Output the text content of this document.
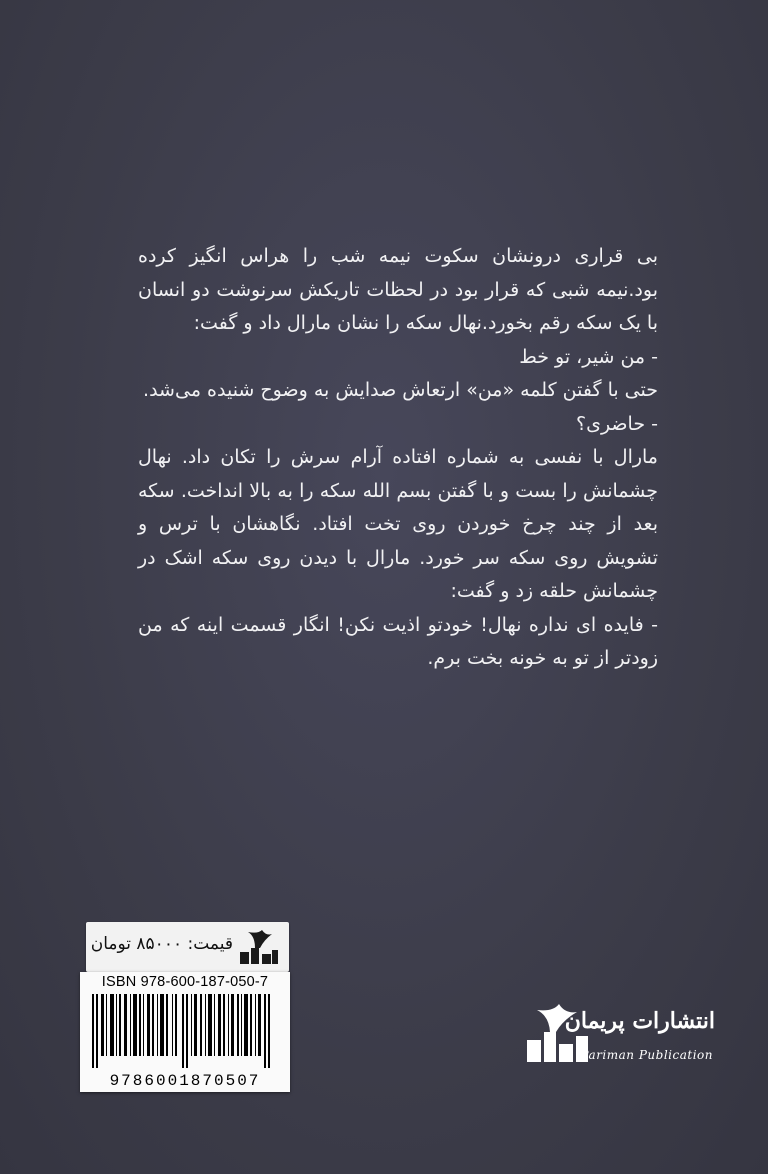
بی قراری درونشان سکوت نیمه شب را هراس انگیز کرده بود.نیمه شبی که قرار بود در لحظات تاریکش سرنوشت دو انسان با یک سکه رقم بخورد.نهال سکه را نشان مارال داد و گفت:

- من شیر، تو خط

حتی با گفتن کلمه «من» ارتعاش صدایش به وضوح شنیده می‌شد.

- حاضری؟

مارال با نفسی به شماره افتاده آرام سرش را تکان داد. نهال چشمانش را بست و با گفتن بسم الله سکه را به بالا انداخت. سکه بعد از چند چرخ خوردن روی تخت افتاد. نگاهشان با ترس و تشویش روی سکه سر خورد. مارال با دیدن روی سکه اشک در چشمانش حلقه زد و گفت:

- فایده ای نداره نهال! خودتو اذیت نکن! انگار قسمت اینه که من زودتر از تو به خونه بخت برم.

قیمت: ۸۵۰۰۰ تومان
ISBN 978-600-187-050-7
9786001870507
انتشارات پریمان
Pariman Publication
